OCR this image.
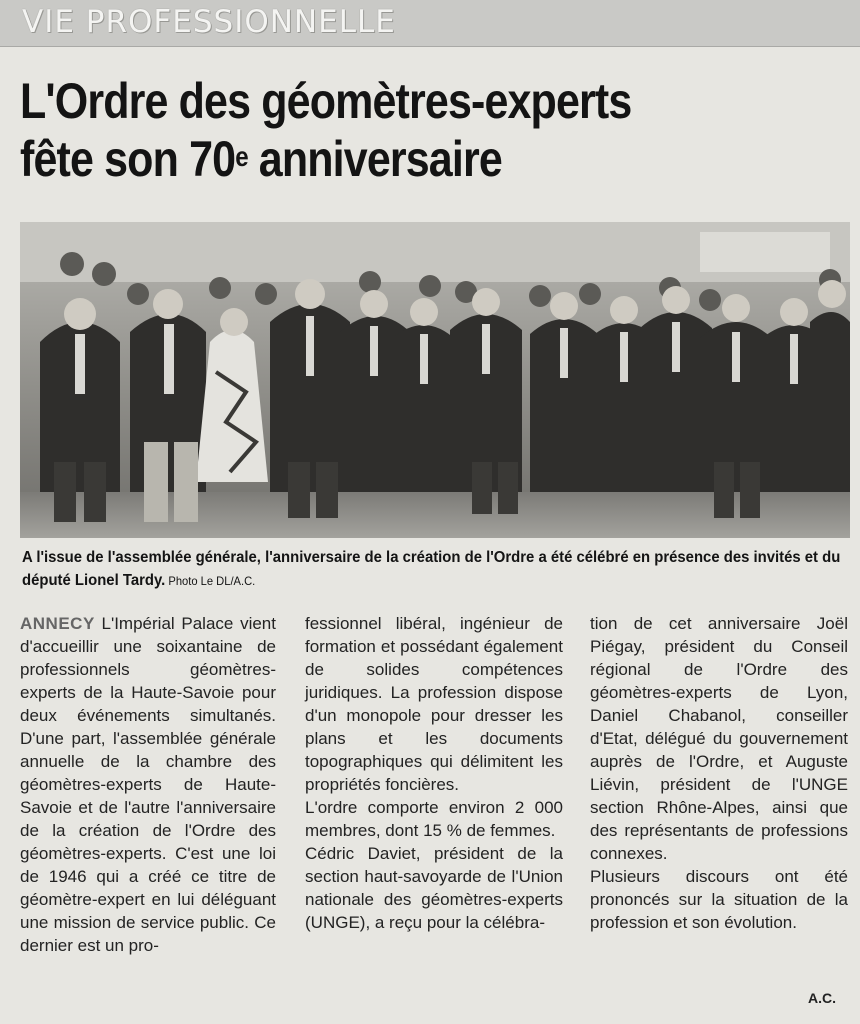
VIE PROFESSIONNELLE
L'Ordre des géomètres-experts
fête son 70e anniversaire
A l'issue de l'assemblée générale, l'anniversaire de la création de l'Ordre a été célébré en présence des invités et du député Lionel Tardy. Photo Le DL/A.C.

ANNECY L'Impérial Palace vient d'accueillir une soixantaine de professionnels géomètres-experts de la Haute-Savoie pour deux événements simultanés. D'une part, l'assemblée générale annuelle de la chambre des géomètres-experts de Haute-Savoie et de l'autre l'anniversaire de la création de l'Ordre des géomètres-experts. C'est une loi de 1946 qui a créé ce titre de géomètre-expert en lui déléguant une mission de service public. Ce dernier est un pro-

fessionnel libéral, ingénieur de formation et possédant également de solides compétences juridiques. La profession dispose d'un monopole pour dresser les plans et les documents topographiques qui délimitent les propriétés foncières.

L'ordre comporte environ 2 000 membres, dont 15 % de femmes.

Cédric Daviet, président de la section haut-savoyarde de l'Union nationale des géomètres-experts (UNGE), a reçu pour la célébra-

tion de cet anniversaire Joël Piégay, président du Conseil régional de l'Ordre des géomètres-experts de Lyon, Daniel Chabanol, conseiller d'Etat, délégué du gouvernement auprès de l'Ordre, et Auguste Liévin, président de l'UNGE section Rhône-Alpes, ainsi que des représentants de professions connexes.

Plusieurs discours ont été prononcés sur la situation de la profession et son évolution.

A.C.
